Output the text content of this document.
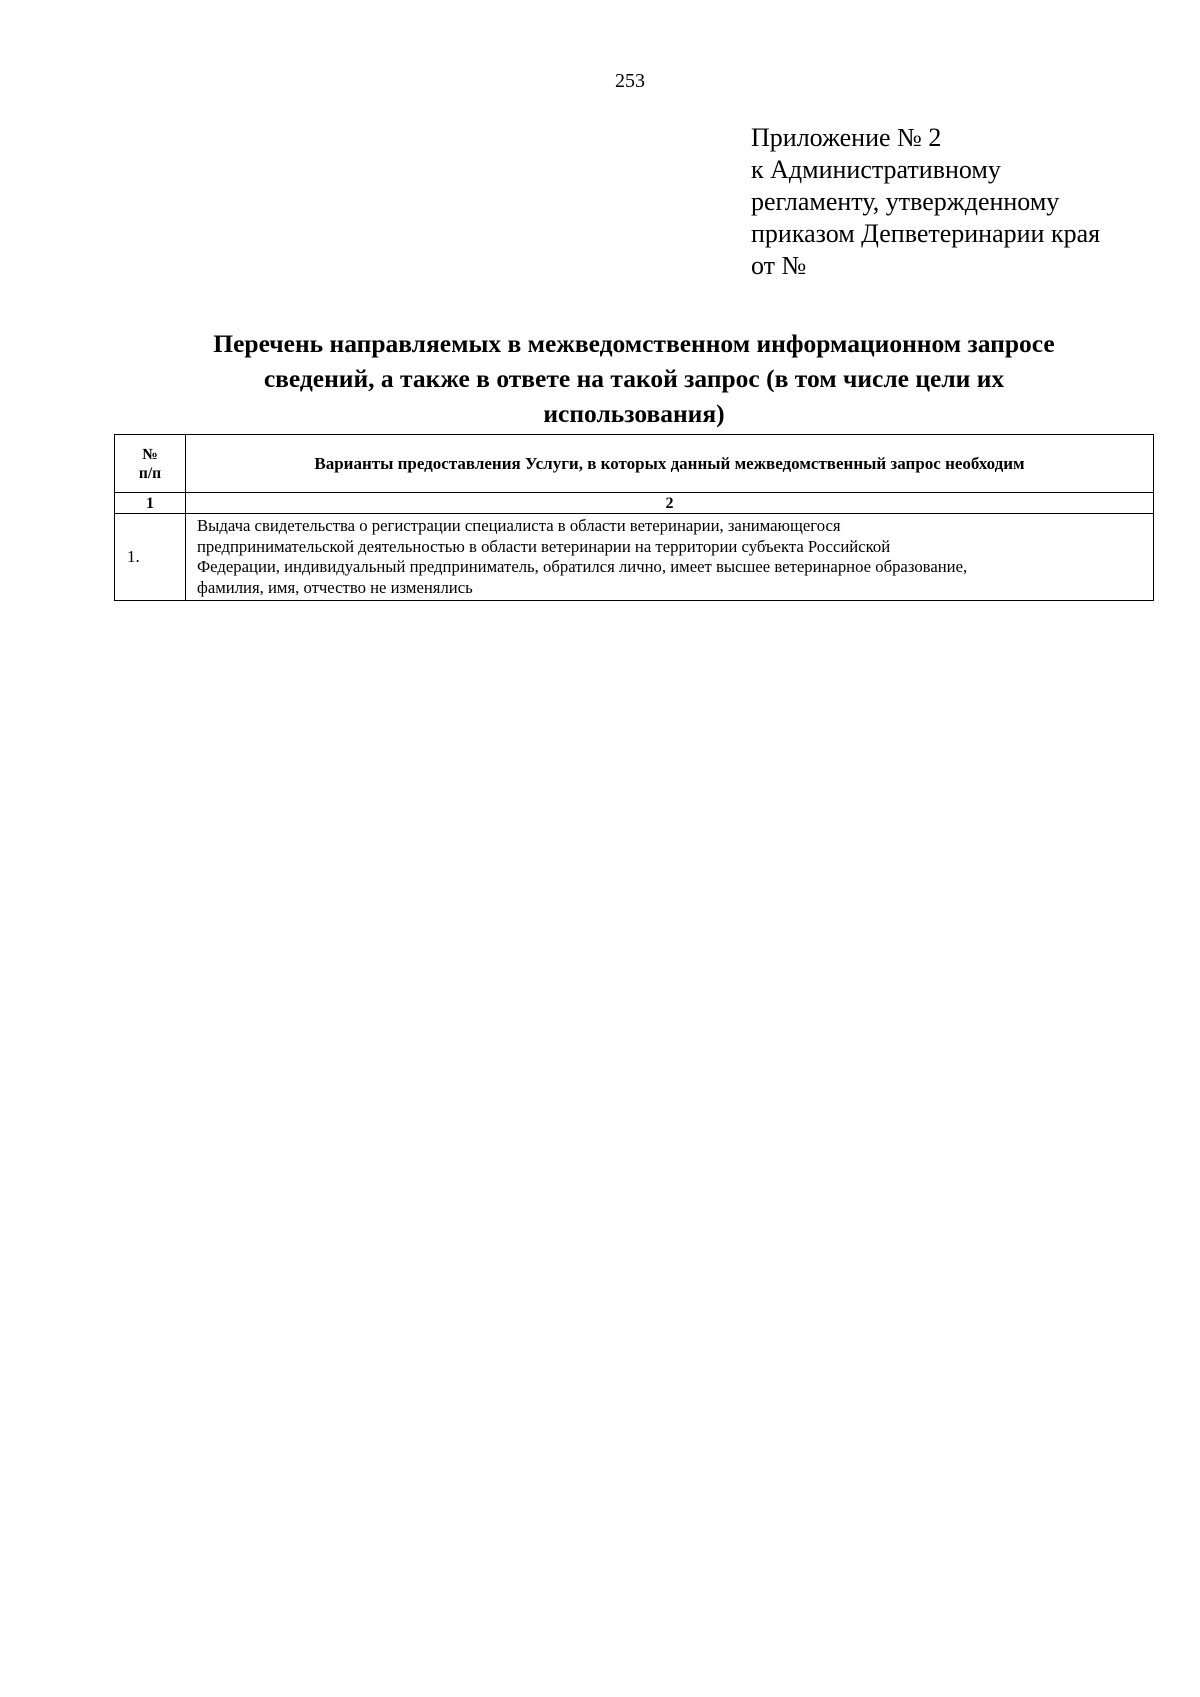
253
Приложение № 2
к Административному
регламенту, утвержденному
приказом Депветеринарии края
от №
Перечень направляемых в межведомственном информационном запросе
сведений, а также в ответе на такой запрос (в том числе цели их
использования)
№
п/п	Варианты предоставления Услуги, в которых данный межведомственный запрос необходим
1	2
1.	Выдача свидетельства о регистрации специалиста в области ветеринарии, занимающегося
предпринимательской деятельностью в области ветеринарии на территории субъекта Российской
Федерации, индивидуальный предприниматель, обратился лично, имеет высшее ветеринарное образование,
фамилия, имя, отчество не изменялись
